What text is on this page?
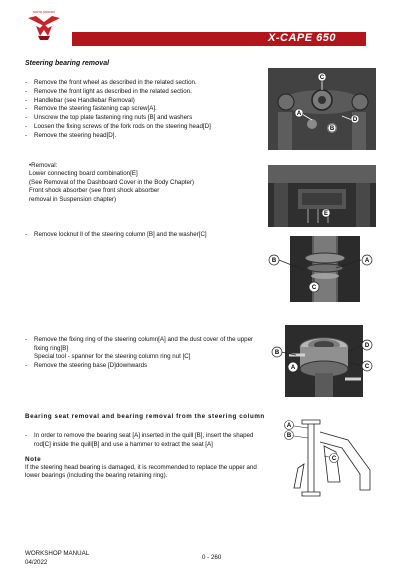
MOTO MORINI
X-CAPE 650
Steering bearing removal
- Remove the front wheel as described in the related section.
- Remove the front light as described in the related section.
- Handlebar (see Handlebar Removal)
- Remove the steering fastening cap screw[A].
- Unscrew the top plate fastening ring nuts [B] and washers
- Loosen the fixing screws of the fork rods on the steering head[D]
- Remove the steering head[D].
C
A
B
D
•Removal:
Lower connecting board combination[E]
(See Removal of the Dashboard Cover in the Body Chapter)
Front shock absorber (see front shock absorber
removal in Suspension chapter)
E
- Remove locknut ll of the steering column [B] and the washer[C]
B	A
C
- Remove the fixing ring of the steering column[A] and the dust cover of the upper fixing ring[B]
Special tool - spanner for the steering column ring nut [C]
- Remove the steering base [D]downwards
B
A
D
C
Bearing seat removal and bearing removal from the steering column
- In order to remove the bearing seat [A] inserted in the quill [B], insert the shaped rod[C] inside the quill[B] and use a hammer to extract the seat [A]
Note
If the steering head bearing is damaged, it is recommended to replace the upper and lower bearings (including the bearing retaining ring).
A
B
C
WORKSHOP MANUAL
04/2022
0 - 260
